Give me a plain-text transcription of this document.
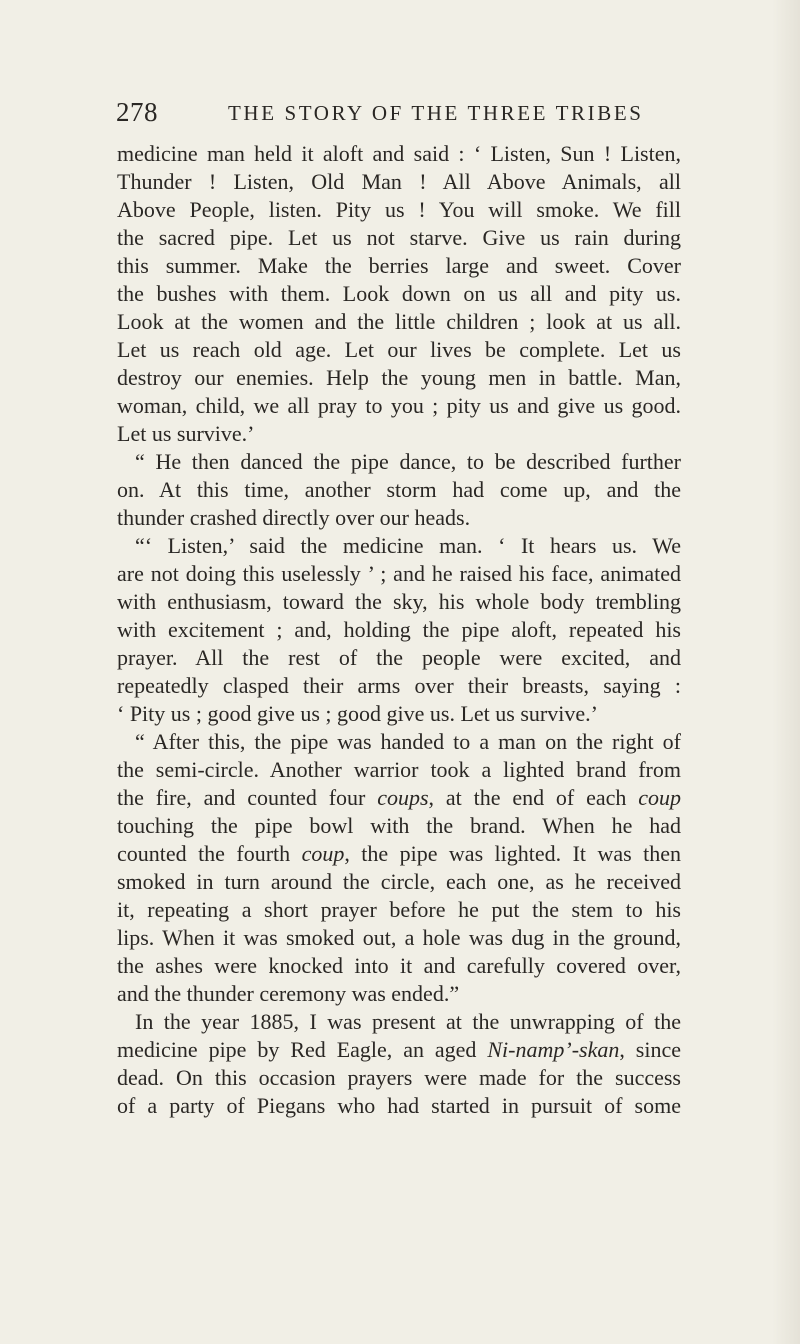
278	THE STORY OF THE THREE TRIBES
medicine man held it aloft and said : ‘ Listen, Sun ! Listen,
Thunder ! Listen, Old Man ! All Above Animals, all
Above People, listen. Pity us ! You will smoke. We fill
the sacred pipe. Let us not starve. Give us rain during
this summer. Make the berries large and sweet. Cover
the bushes with them. Look down on us all and pity us.
Look at the women and the little children ; look at us all.
Let us reach old age. Let our lives be complete. Let us
destroy our enemies. Help the young men in battle. Man,
woman, child, we all pray to you ; pity us and give us good.
Let us survive.’
“ He then danced the pipe dance, to be described further
on. At this time, another storm had come up, and the
thunder crashed directly over our heads.
“‘ Listen,’ said the medicine man. ‘ It hears us. We
are not doing this uselessly ’ ; and he raised his face, animated
with enthusiasm, toward the sky, his whole body trembling
with excitement ; and, holding the pipe aloft, repeated his
prayer. All the rest of the people were excited, and
repeatedly clasped their arms over their breasts, saying :
‘ Pity us ; good give us ; good give us. Let us survive.’
“ After this, the pipe was handed to a man on the right of
the semi-circle. Another warrior took a lighted brand from
the fire, and counted four coups, at the end of each coup
touching the pipe bowl with the brand. When he had
counted the fourth coup, the pipe was lighted. It was then
smoked in turn around the circle, each one, as he received
it, repeating a short prayer before he put the stem to his
lips. When it was smoked out, a hole was dug in the ground,
the ashes were knocked into it and carefully covered over,
and the thunder ceremony was ended.”
In the year 1885, I was present at the unwrapping of the
medicine pipe by Red Eagle, an aged Ni-namp’-skan, since
dead. On this occasion prayers were made for the success
of a party of Piegans who had started in pursuit of some
